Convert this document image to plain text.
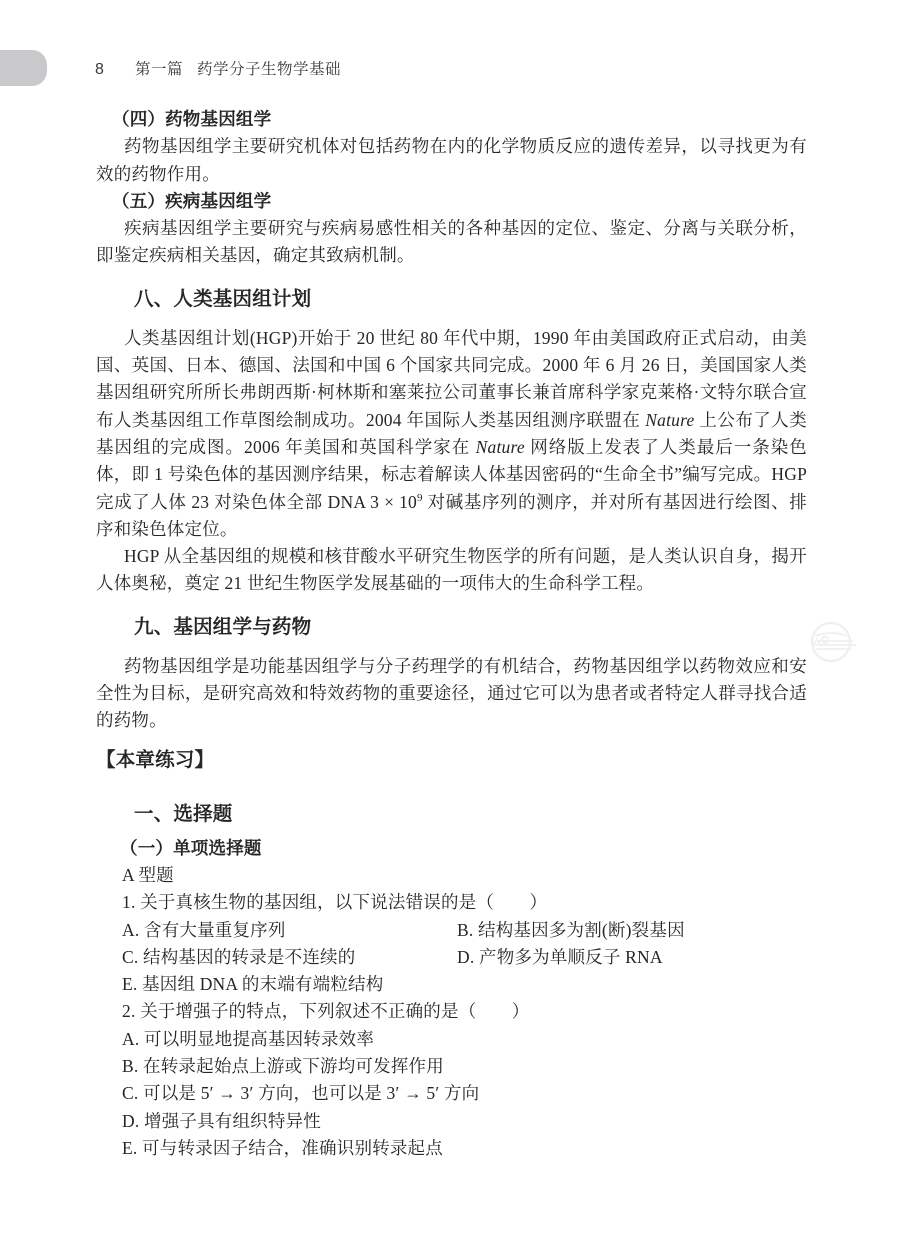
8	第一篇 药学分子生物学基础
（四）药物基因组学

药物基因组学主要研究机体对包括药物在内的化学物质反应的遗传差异，以寻找更为有效的药物作用。

（五）疾病基因组学

疾病基因组学主要研究与疾病易感性相关的各种基因的定位、鉴定、分离与关联分析，即鉴定疾病相关基因，确定其致病机制。

八、人类基因组计划

人类基因组计划(HGP)开始于 20 世纪 80 年代中期，1990 年由美国政府正式启动，由美国、英国、日本、德国、法国和中国 6 个国家共同完成。2000 年 6 月 26 日，美国国家人类基因组研究所所长弗朗西斯·柯林斯和塞莱拉公司董事长兼首席科学家克莱格·文特尔联合宣布人类基因组工作草图绘制成功。2004 年国际人类基因组测序联盟在 Nature 上公布了人类基因组的完成图。2006 年美国和英国科学家在 Nature 网络版上发表了人类最后一条染色体，即 1 号染色体的基因测序结果，标志着解读人体基因密码的“生命全书”编写完成。HGP 完成了人体 23 对染色体全部 DNA $3 \times 10^9$ 对碱基序列的测序，并对所有基因进行绘图、排序和染色体定位。

HGP 从全基因组的规模和核苷酸水平研究生物医学的所有问题，是人类认识自身，揭开人体奥秘，奠定 21 世纪生物医学发展基础的一项伟大的生命科学工程。

九、基因组学与药物

药物基因组学是功能基因组学与分子药理学的有机结合，药物基因组学以药物效应和安全性为目标，是研究高效和特效药物的重要途径，通过它可以为患者或者特定人群寻找合适的药物。

【本章练习】
一、选择题
（一）单项选择题
A 型题
1. 关于真核生物的基因组，以下说法错误的是（　　）
A. 含有大量重复序列	B. 结构基因多为割(断)裂基因
C. 结构基因的转录是不连续的	D. 产物多为单顺反子 RNA
E. 基因组 DNA 的末端有端粒结构
2. 关于增强子的特点，下列叙述不正确的是（　　）
A. 可以明显地提高基因转录效率
B. 在转录起始点上游或下游均可发挥作用
C. 可以是 5′ → 3′ 方向，也可以是 3′ → 5′ 方向
D. 增强子具有组织特异性
E. 可与转录因子结合，准确识别转录起点
